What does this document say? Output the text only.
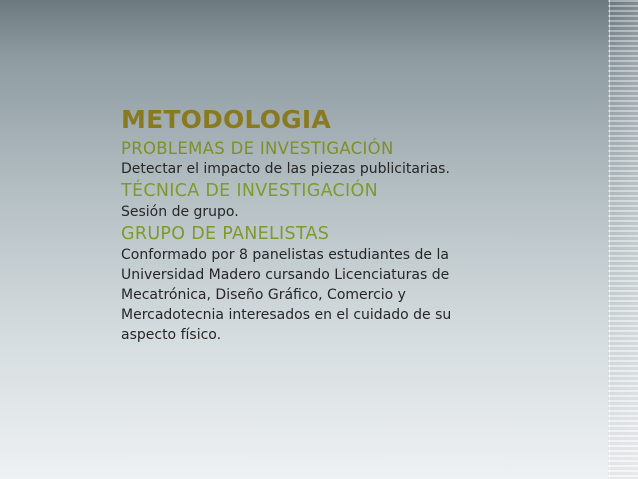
METODOLOGIA
PROBLEMAS DE INVESTIGACIÓN

Detectar el impacto de las piezas publicitarias.

TÉCNICA DE INVESTIGACIÓN

Sesión de grupo.

GRUPO DE PANELISTAS

Conformado por 8 panelistas estudiantes de la

Universidad Madero cursando Licenciaturas de

Mecatrónica, Diseño Gráfico, Comercio y

Mercadotecnia interesados en el cuidado de su

aspecto físico.
